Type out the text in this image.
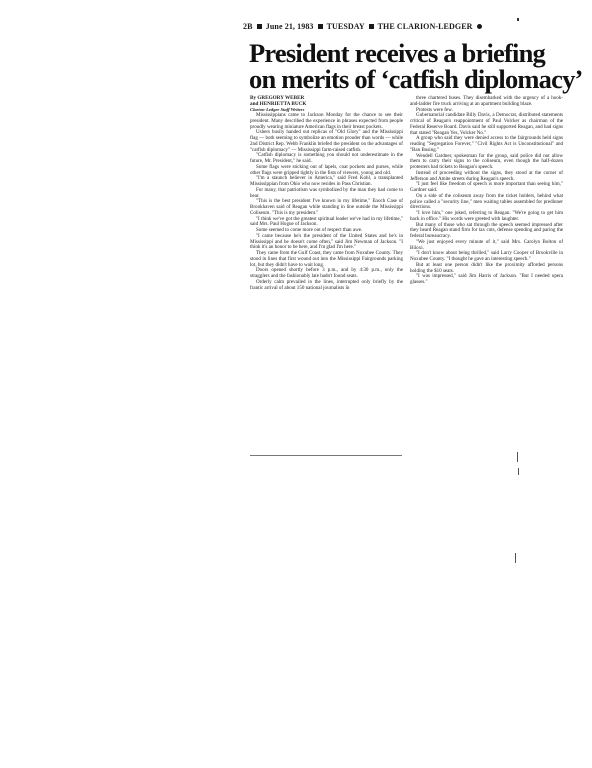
2B June 21, 1983 TUESDAY THE CLARION-LEDGER
President receives a briefing
on merits of ‘catfish diplomacy’
By GREGORY WEBER
and HENRIETTA BUCK
Clarion-Ledger Staff Writers

Mississippians came to Jackson Monday for the chance to see their president. Many described the experience in phrases expected from people proudly wearing miniature American flags in their breast pockets.

Ushers busily handed out replicas of "Old Glory" and the Mississippi flag — both seeming to symbolize an emotion prouder than words — while 2nd District Rep. Webb Franklin briefed the president on the advantages of "catfish diplomacy" — Mississippi farm-raised catfish.

"Catfish diplomacy is something you should not underestimate in the future, Mr. President," he said.

Some flags were sticking out of lapels, coat pockets and purses, while other flags were gripped tightly in the fists of viewers, young and old.

"I'm a staunch believer in America," said Fred Kohl, a transplanted Mississippian from Ohio who now resides in Pass Christian.

For many, that patriotism was symbolized by the man they had come to hear.

"This is the best president I've known in my lifetime," Enoch Case of Brookhaven said of Reagan while standing in line outside the Mississippi Coliseum. "This is my president."

"I think we've got the greatest spiritual leader we've had in my lifetime," said Mrs. Paul Hogue of Jackson.

Some seemed to come more out of respect than awe.

"I came because he's the president of the United States and he's in Mississippi and he doesn't come often," said Jim Newman of Jackson. "I think it's an honor to be here, and I'm glad I'm here."

They came from the Gulf Coast, they came from Noxubee County. They stood in lines that first wound out into the Mississippi Fairgrounds parking lot, but they didn't have to wait long.

Doors opened shortly before 3 p.m., and by 4:30 p.m., only the stragglers and the fashionably late hadn't found seats.

Orderly calm prevailed in the lines, interrupted only briefly by the frantic arrival of about 150 national journalists in

three chartered buses. They disembarked with the urgency of a hook-and-ladder fire truck arriving at an apartment building blaze.

Protests were few.

Gubernatorial candidate Billy Davis, a Democrat, distributed statements critical of Reagan's reappointment of Paul Volcker as chairman of the Federal Reserve Board. Davis said he still supported Reagan, and had signs that stated "Reagan Yes, Volcker No."

A group who said they were denied access to the fairgrounds held signs reading "Segregation Forever," "Civil Rights Act is Unconstitutional" and "Ban Busing."

Wendell Gardner, spokesman for the group, said police did not allow them to carry their signs to the coliseum, even though the half-dozen protesters had tickets to Reagan's speech.

Instead of proceeding without the signs, they stood at the corner of Jefferson and Amite streets during Reagan's speech.

"I just feel like freedom of speech is more important than seeing him," Gardner said.

On a side of the coliseum away from the ticket holders, behind what police called a "security line," men waiting tables assembled for predinner directions.

"I love him," one joked, referring to Reagan. "We're going to get him back in office." His words were greeted with laughter.

But many of those who sat through the speech seemed impressed after they heard Reagan stand firm for tax cuts, defense spending and paring the federal bureaucracy.

"We just enjoyed every minute of it," said Mrs. Carolyn Bolton of Biloxi.

"I don't know about being thrilled," said Larry Cooper of Brookville in Noxubee County. "I thought he gave an interesting speech."

But at least one person didn't like the proximity afforded persons holding the $10 seats.

"I was impressed," said Jim Harris of Jackson. "But I needed opera glasses."
